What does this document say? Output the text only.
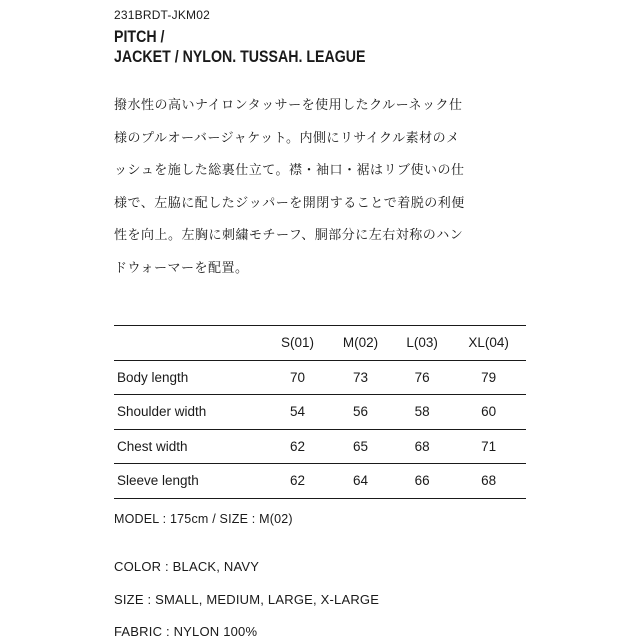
231BRDT-JKM02
PITCH /
JACKET / NYLON. TUSSAH. LEAGUE
撥水性の高いナイロンタッサーを使用したクルーネック仕
様のプルオーバージャケット。内側にリサイクル素材のメ
ッシュを施した総裏仕立て。襟・袖口・裾はリブ使いの仕
様で、左脇に配したジッパーを開閉することで着脱の利便
性を向上。左胸に刺繍モチーフ、胴部分に左右対称のハン
ドウォーマーを配置。
	S(01)	M(02)	L(03)	XL(04)
Body length	70	73	76	79
Shoulder width	54	56	58	60
Chest width	62	65	68	71
Sleeve length	62	64	66	68
MODEL : 175cm / SIZE : M(02)
COLOR : BLACK, NAVY
SIZE : SMALL, MEDIUM, LARGE, X-LARGE
FABRIC : NYLON 100%
